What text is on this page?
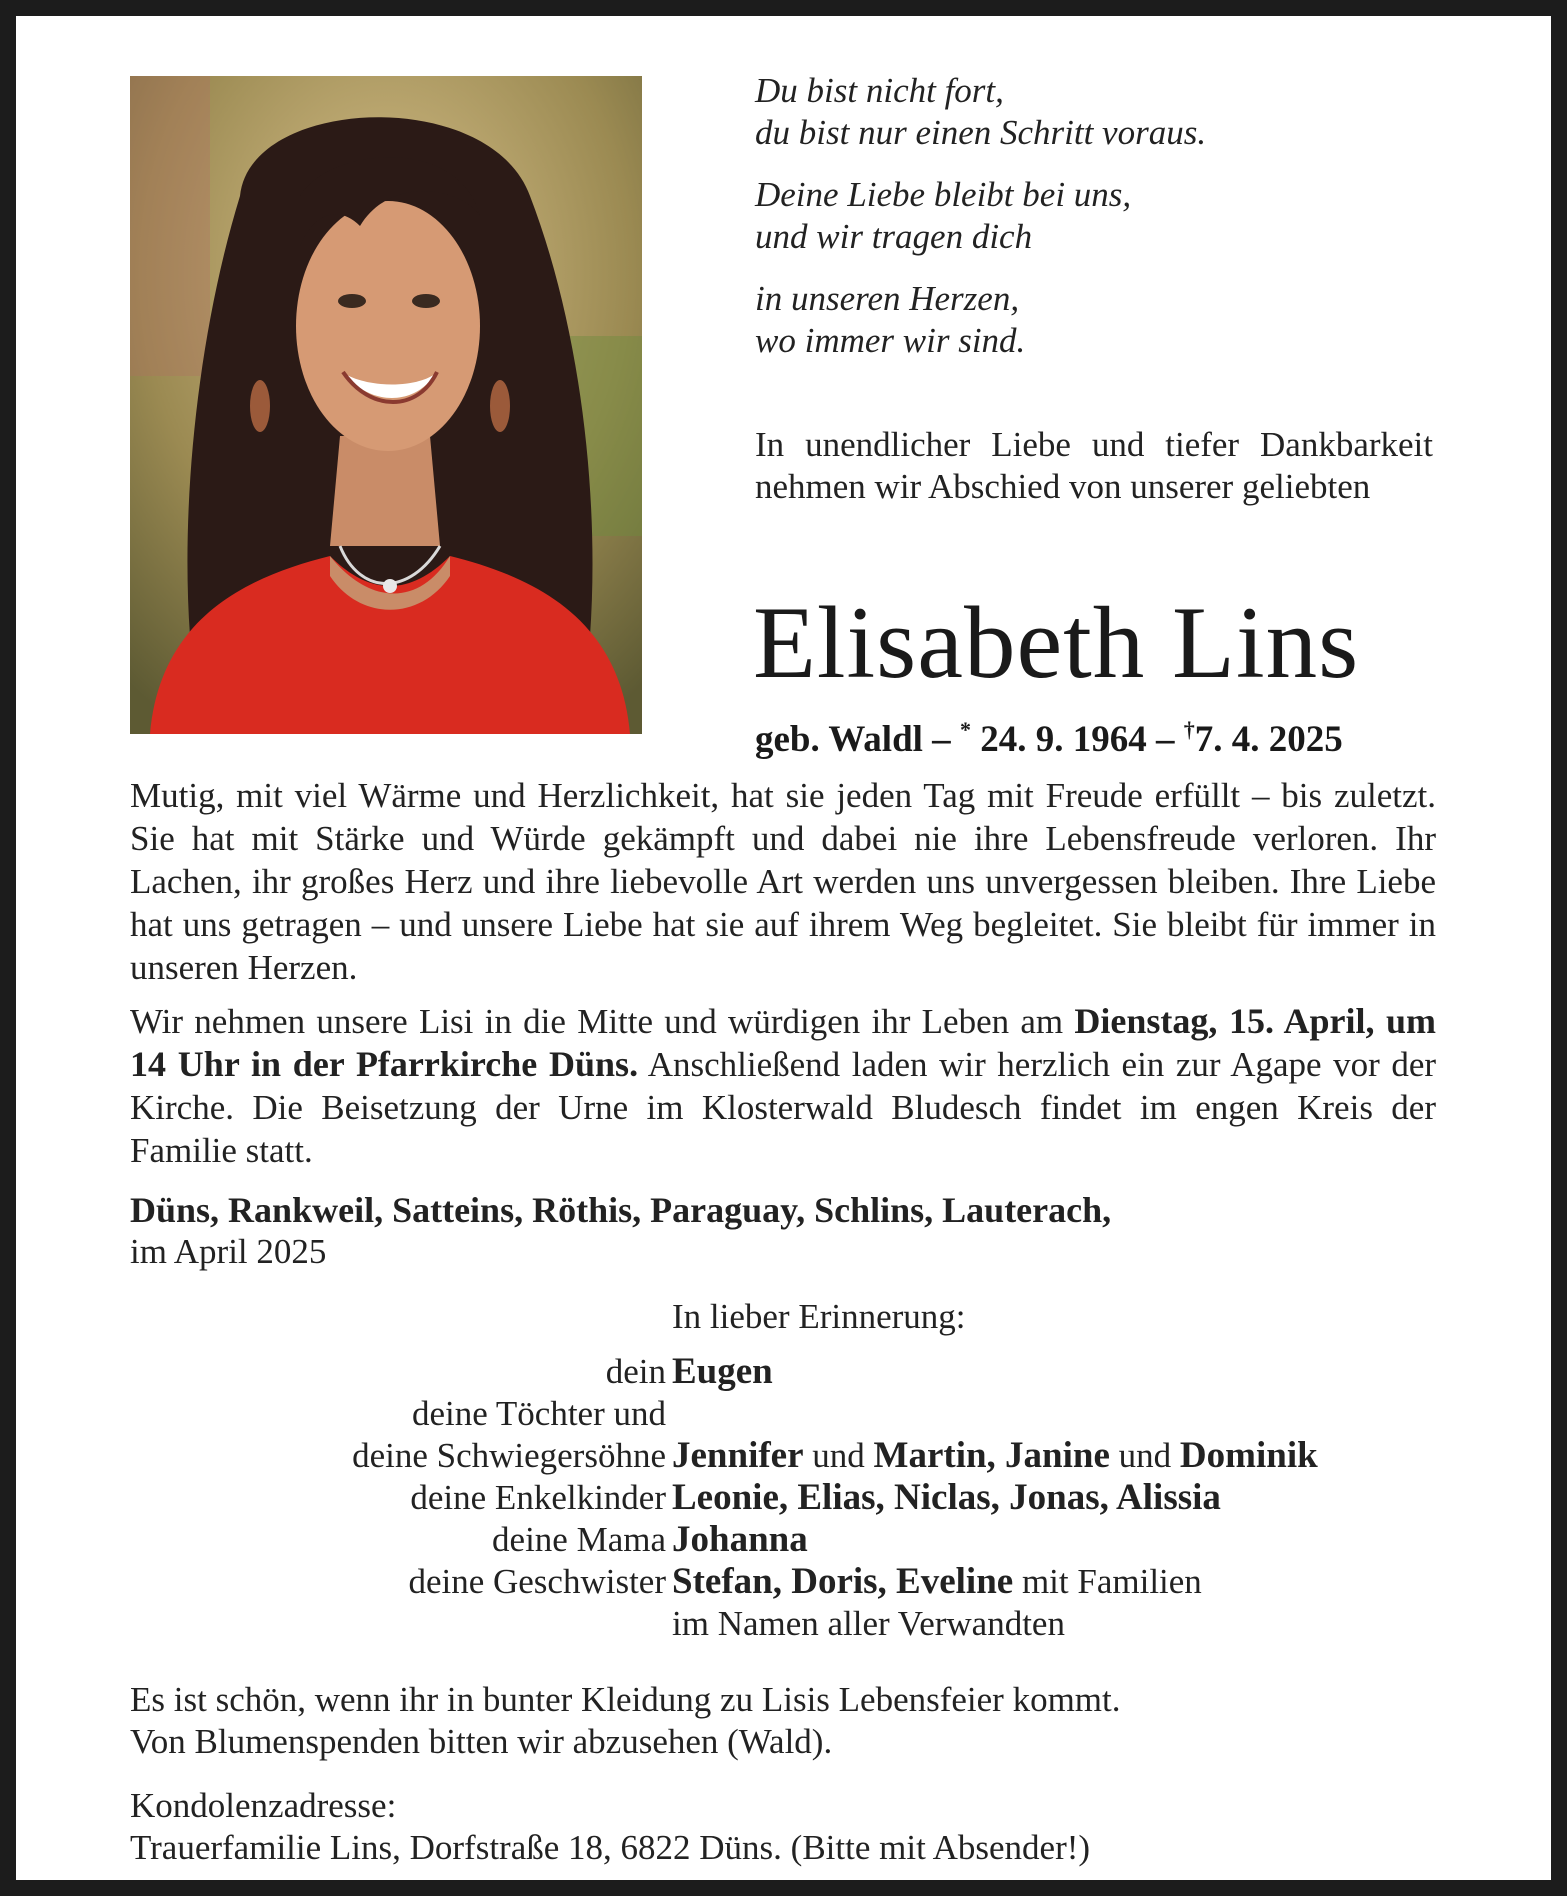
Du bist nicht fort,
du bist nur einen Schritt voraus.

Deine Liebe bleibt bei uns,
und wir tragen dich

in unseren Herzen,
wo immer wir sind.

In unendlicher Liebe und tiefer Dankbarkeit nehmen wir Abschied von unserer geliebten
Elisabeth Lins
geb. Waldl – * 24. 9. 1964 – †7. 4. 2025
Mutig, mit viel Wärme und Herzlichkeit, hat sie jeden Tag mit Freude erfüllt – bis zuletzt. Sie hat mit Stärke und Würde gekämpft und dabei nie ihre Lebensfreude verloren. Ihr Lachen, ihr großes Herz und ihre liebevolle Art werden uns unvergessen bleiben. Ihre Liebe hat uns getragen – und unsere Liebe hat sie auf ihrem Weg begleitet. Sie bleibt für immer in unseren Herzen.
Wir nehmen unsere Lisi in die Mitte und würdigen ihr Leben am Dienstag, 15. April, um 14 Uhr in der Pfarrkirche Düns. Anschließend laden wir herzlich ein zur Agape vor der Kirche. Die Beisetzung der Urne im Klosterwald Bludesch findet im engen Kreis der Familie statt.
Düns, Rankweil, Satteins, Röthis, Paraguay, Schlins, Lauterach,
im April 2025
In lieber Erinnerung:
dein Eugen
deine Töchter und
deine Schwiegersöhne Jennifer und Martin, Janine und Dominik
deine Enkelkinder Leonie, Elias, Niclas, Jonas, Alissia
deine Mama Johanna
deine Geschwister Stefan, Doris, Eveline mit Familien
im Namen aller Verwandten
Es ist schön, wenn ihr in bunter Kleidung zu Lisis Lebensfeier kommt.
Von Blumenspenden bitten wir abzusehen (Wald).
Kondolenzadresse:
Trauerfamilie Lins, Dorfstraße 18, 6822 Düns. (Bitte mit Absender!)
